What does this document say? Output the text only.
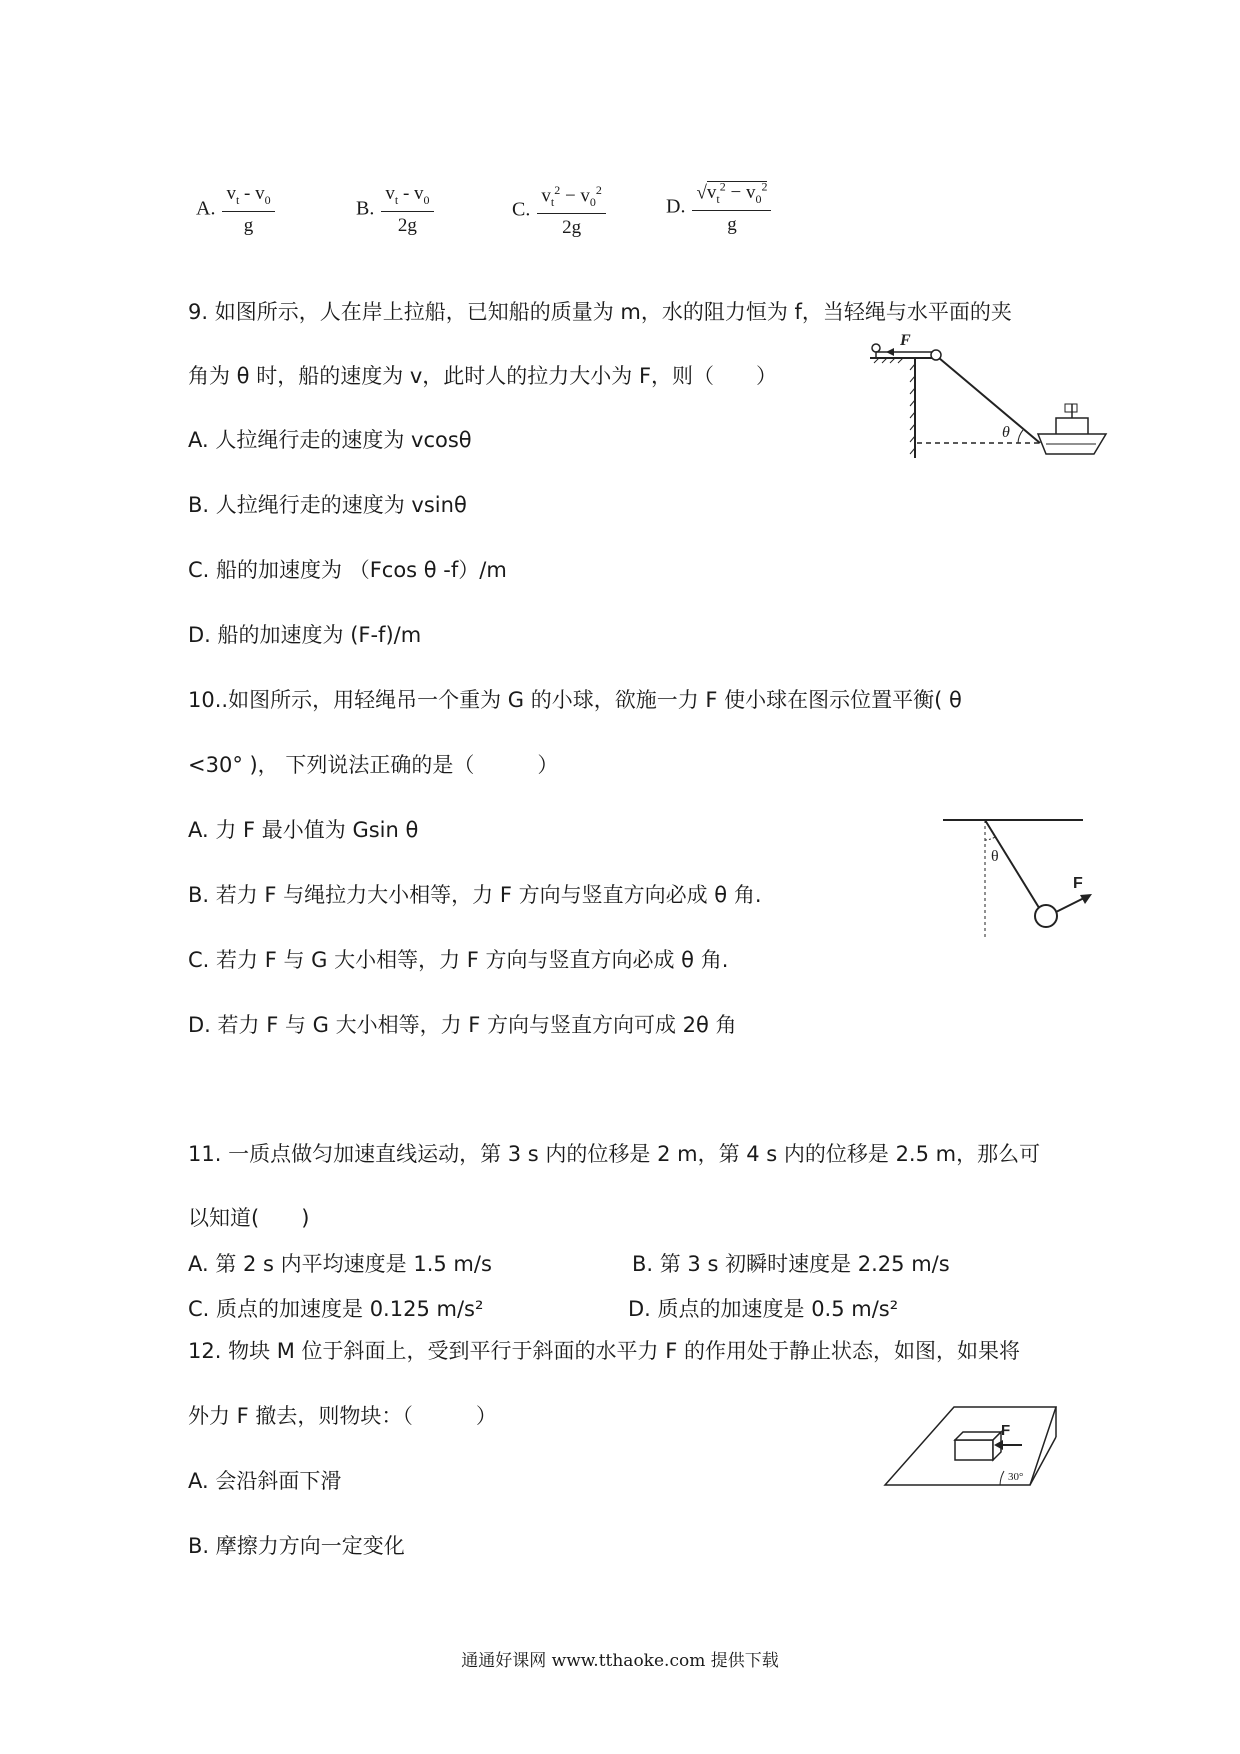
A. $\frac{v_t - v_0}{g}$	B. $\frac{v_t - v_0}{2g}$	C. $\frac{v_t^2 - v_0^2}{2g}$	D. $\frac{√v_t^2 - v_0^2}{g}$
9. 如图所示，人在岸上拉船，已知船的质量为 m，水的阻力恒为 f，当轻绳与水平面的夹
角为 θ 时，船的速度为 v，此时人的拉力大小为 F，则（　　）
A. 人拉绳行走的速度为 vcosθ
B. 人拉绳行走的速度为 vsinθ
C. 船的加速度为 （Fcos θ -f）/m
D. 船的加速度为 (F-f)/m
F
θ
10..如图所示，用轻绳吊一个重为 G 的小球，欲施一力 F 使小球在图示位置平衡( θ
<30° )， 下列说法正确的是（　　　）
A. 力 F 最小值为 Gsin θ
B. 若力 F 与绳拉力大小相等，力 F 方向与竖直方向必成 θ 角.
C. 若力 F 与 G 大小相等，力 F 方向与竖直方向必成 θ 角.
D. 若力 F 与 G 大小相等，力 F 方向与竖直方向可成 2θ 角
θ
F
11. 一质点做匀加速直线运动，第 3 s 内的位移是 2 m，第 4 s 内的位移是 2.5 m，那么可
以知道(　　)
A. 第 2 s 内平均速度是 1.5 m/s	B. 第 3 s 初瞬时速度是 2.25 m/s
C. 质点的加速度是 0.125 m/s²	D. 质点的加速度是 0.5 m/s²
12. 物块 M 位于斜面上，受到平行于斜面的水平力 F 的作用处于静止状态，如图，如果将
外力 F 撤去，则物块：（　　　）
A. 会沿斜面下滑
B. 摩擦力方向一定变化
F
30°
通通好课网 www.tthaoke.com 提供下载
